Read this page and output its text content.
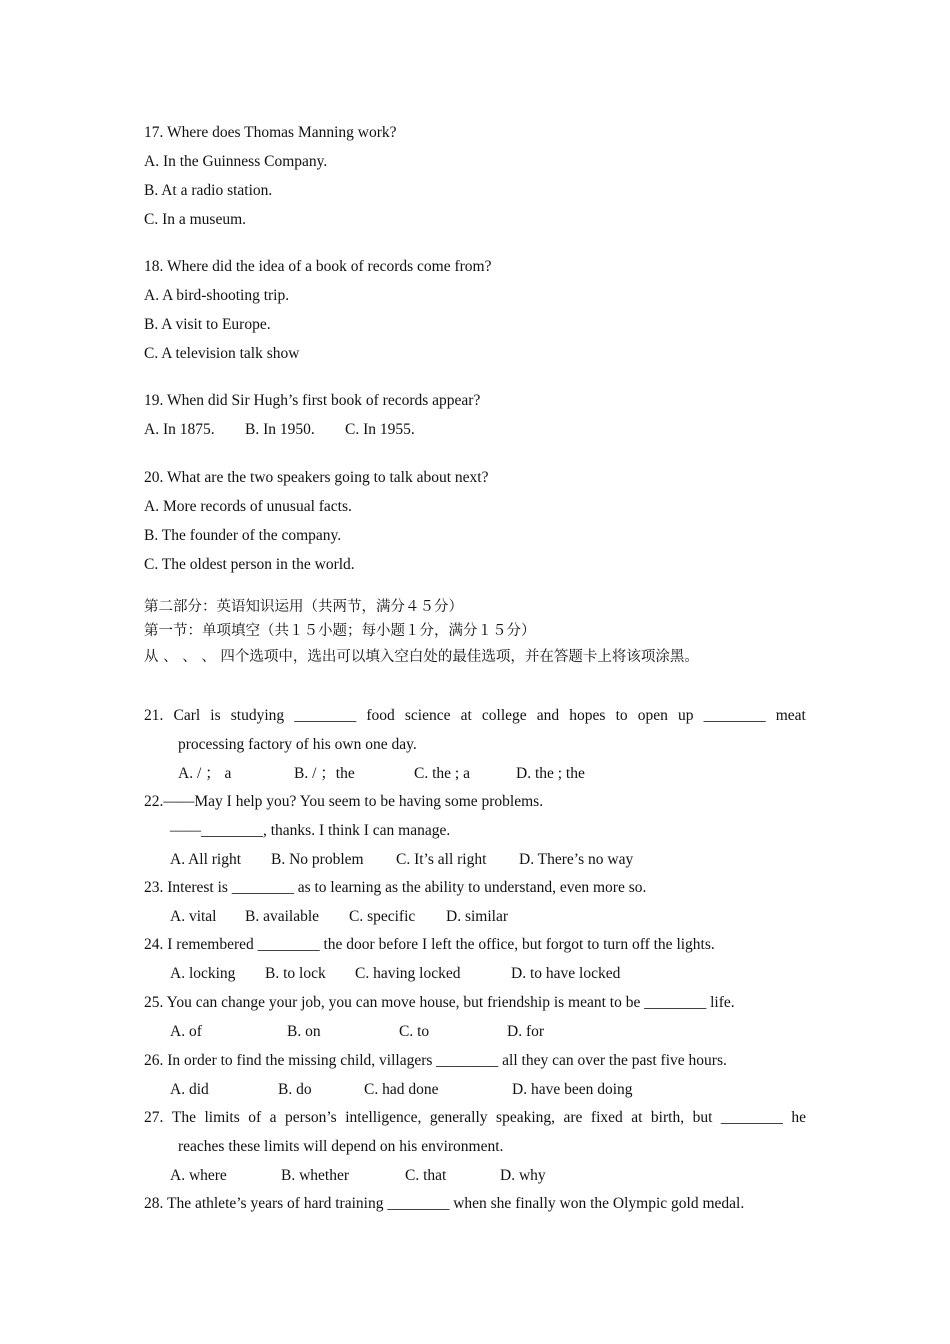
17. Where does Thomas Manning work?
A. In the Guinness Company.
B. At a radio station.
C. In a museum.
18. Where did the idea of a book of records come from?
A. A bird-shooting trip.
B. A visit to Europe.
C. A television talk show
19. When did Sir Hugh’s first book of records appear?
A. In 1875. B. In 1950. C. In 1955.
20. What are the two speakers going to talk about next?
A. More records of unusual facts.
B. The founder of the company.
C. The oldest person in the world.
第二部分：英语知识运用（共两节，满分４５分）
第一节：单项填空（共１５小题；每小题１分，满分１５分）
从 、 、 、 四个选项中，选出可以填入空白处的最佳选项，并在答题卡上将该项涂黑。
21. Carl is studying ________ food science at college and hopes to open up ________ meat
processing factory of his own one day.
A. / ； a	B. / ；the	C. the ; a	D. the ; the
22.——May I help you? You seem to be having some problems.
——________, thanks. I think I can manage.
A. All right B. No problem C. It’s all right D. There’s no way
23. Interest is ________ as to learning as the ability to understand, even more so.
A. vital B. available C. specific D. similar
24. I remembered ________ the door before I left the office, but forgot to turn off the lights.
A. locking B. to lock C. having locked	D. to have locked
25. You can change your job, you can move house, but friendship is meant to be ________ life.
A. of	B. on	C. to	D. for
26. In order to find the missing child, villagers ________ all they can over the past five hours.
A. did	B. do	C. had done	D. have been doing
27. The limits of a person’s intelligence, generally speaking, are fixed at birth, but ________ he
reaches these limits will depend on his environment.
A. where	B. whether	C. that	D. why
28. The athlete’s years of hard training ________ when she finally won the Olympic gold medal.
